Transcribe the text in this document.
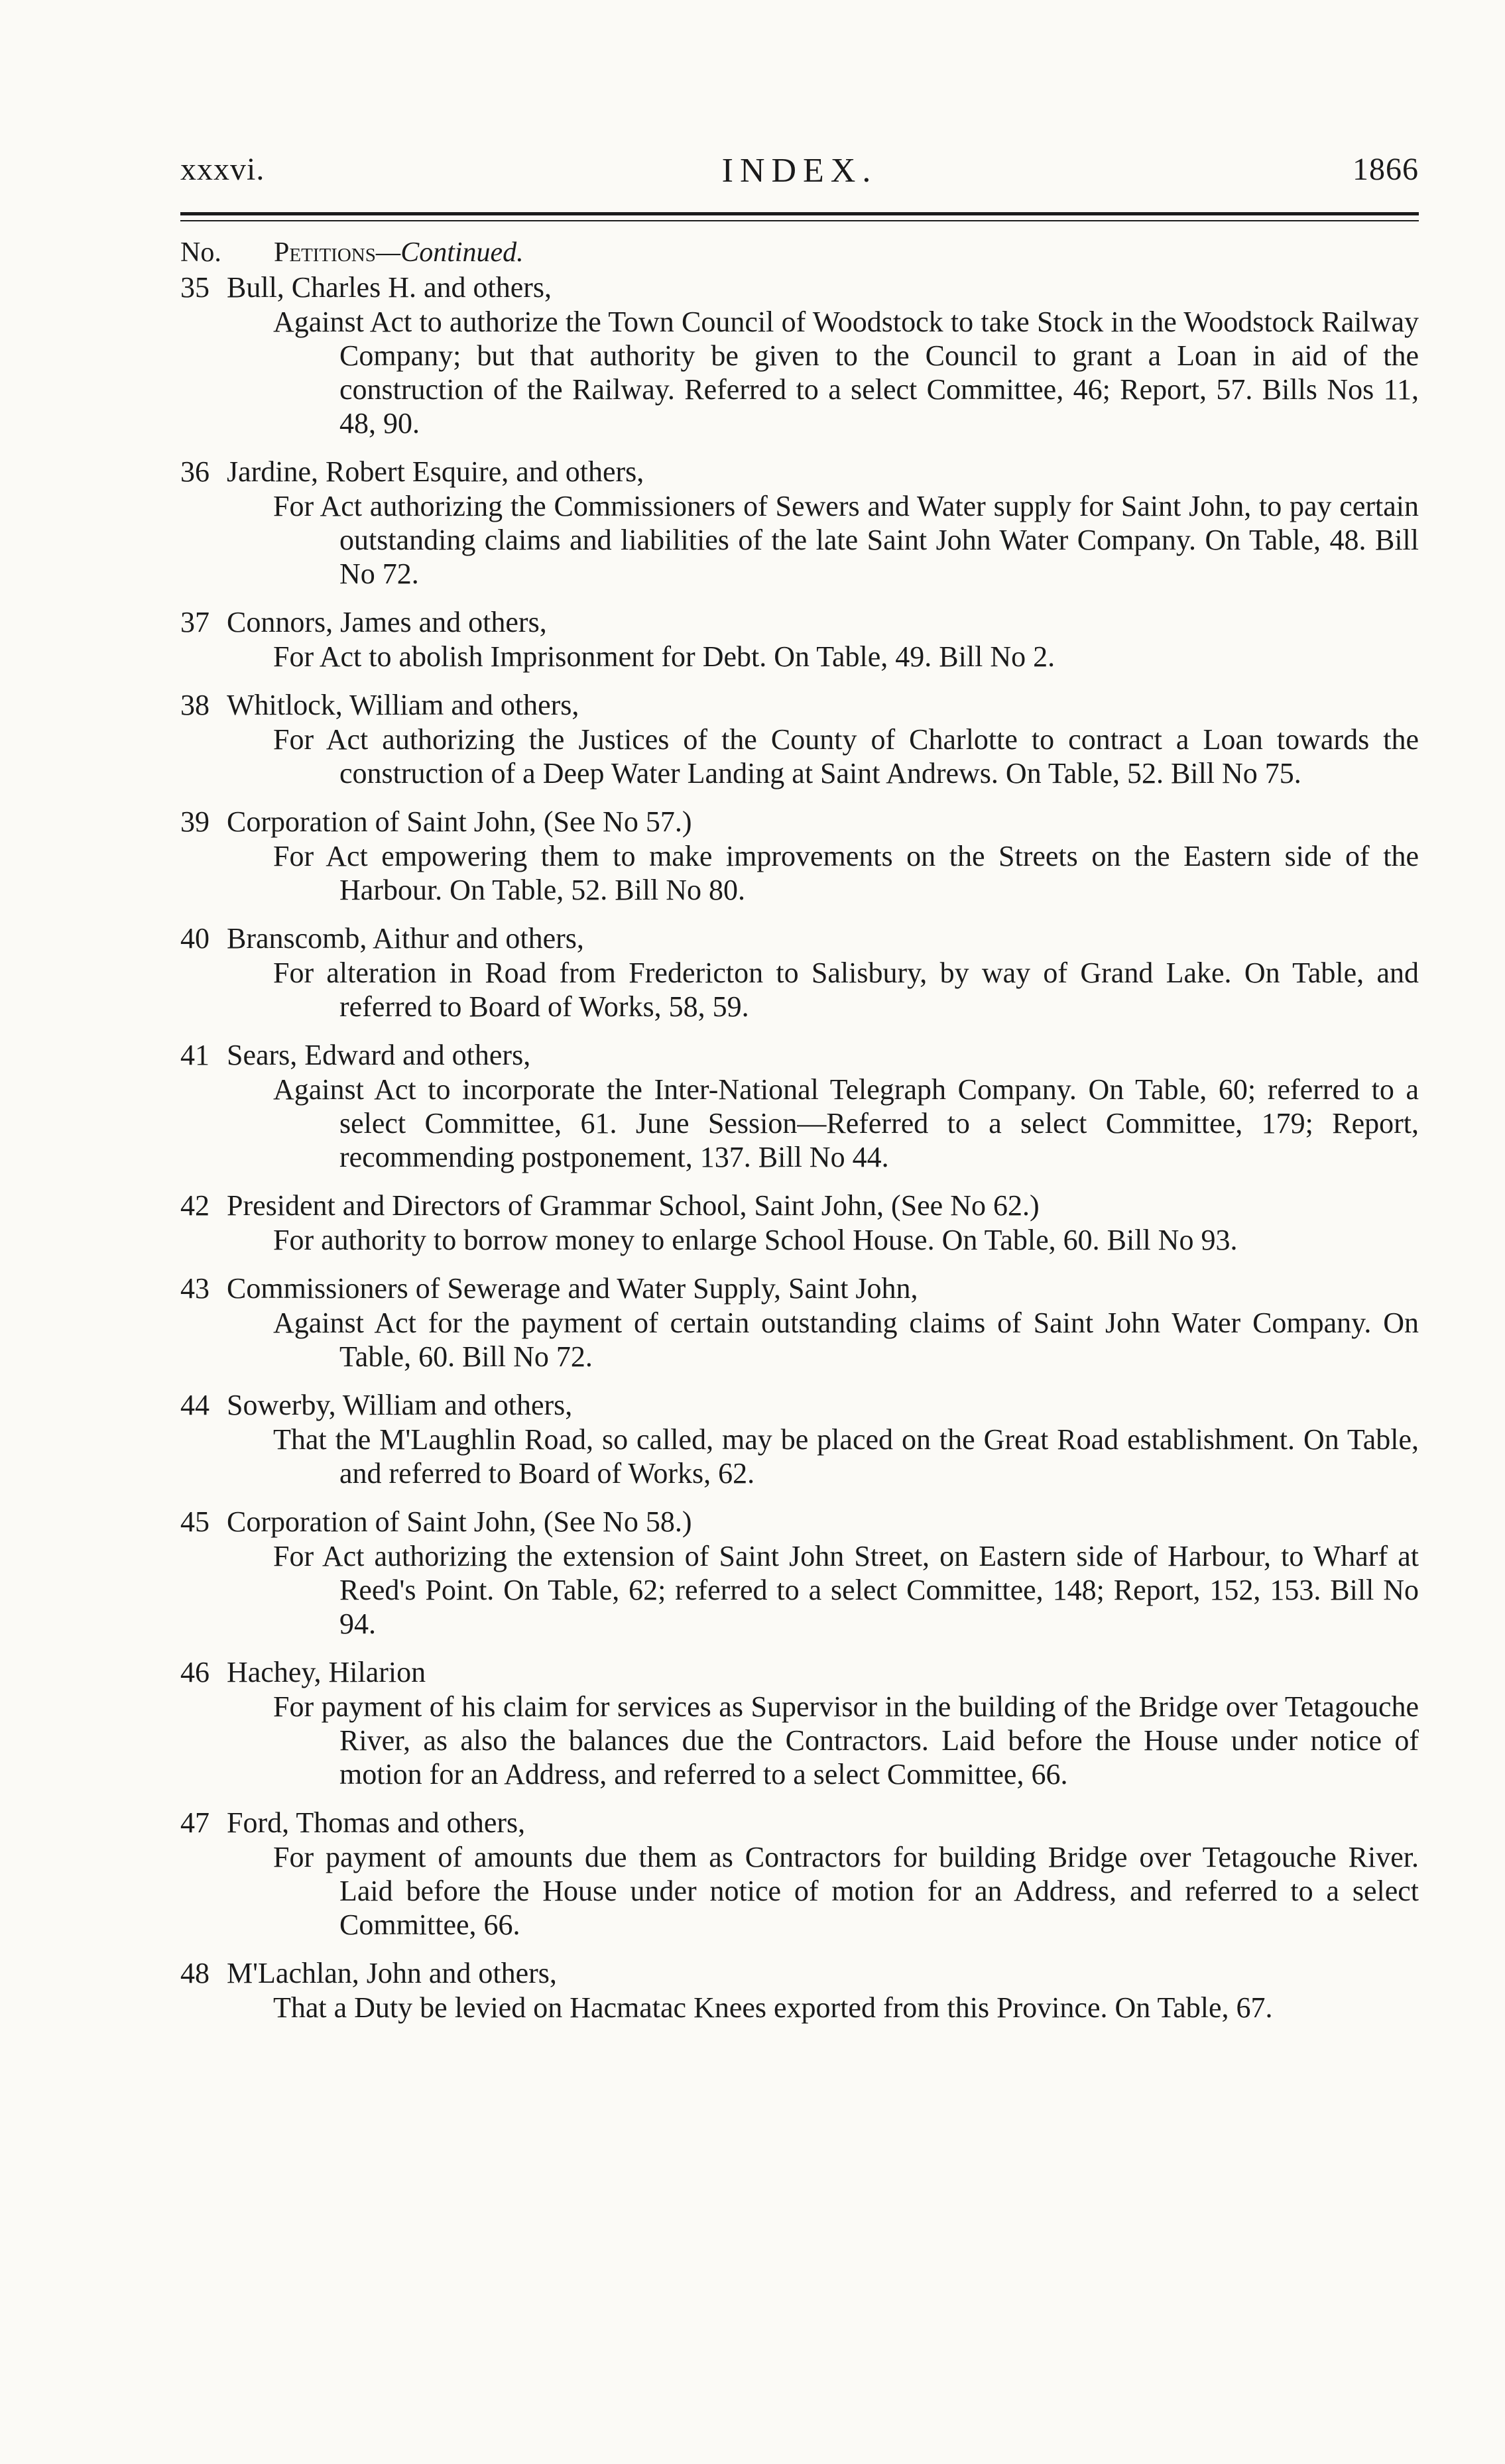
xxxvi.	INDEX.	1866
No. Petitions—Continued.
35 Bull, Charles H. and others,
Against Act to authorize the Town Council of Woodstock to take Stock in the Woodstock Railway Company; but that authority be given to the Council to grant a Loan in aid of the construction of the Railway. Referred to a select Committee, 46; Report, 57. Bills Nos 11, 48, 90.
36 Jardine, Robert Esquire, and others,
For Act authorizing the Commissioners of Sewers and Water supply for Saint John, to pay certain outstanding claims and liabilities of the late Saint John Water Company. On Table, 48. Bill No 72.
37 Connors, James and others,
For Act to abolish Imprisonment for Debt. On Table, 49. Bill No 2.
38 Whitlock, William and others,
For Act authorizing the Justices of the County of Charlotte to contract a Loan towards the construction of a Deep Water Landing at Saint Andrews. On Table, 52. Bill No 75.
39 Corporation of Saint John, (See No 57.)
For Act empowering them to make improvements on the Streets on the Eastern side of the Harbour. On Table, 52. Bill No 80.
40 Branscomb, Aithur and others,
For alteration in Road from Fredericton to Salisbury, by way of Grand Lake. On Table, and referred to Board of Works, 58, 59.
41 Sears, Edward and others,
Against Act to incorporate the Inter-National Telegraph Company. On Table, 60; referred to a select Committee, 61. June Session—Referred to a select Committee, 179; Report, recommending postponement, 137. Bill No 44.
42 President and Directors of Grammar School, Saint John, (See No 62.)
For authority to borrow money to enlarge School House. On Table, 60. Bill No 93.
43 Commissioners of Sewerage and Water Supply, Saint John,
Against Act for the payment of certain outstanding claims of Saint John Water Company. On Table, 60. Bill No 72.
44 Sowerby, William and others,
That the M'Laughlin Road, so called, may be placed on the Great Road establishment. On Table, and referred to Board of Works, 62.
45 Corporation of Saint John, (See No 58.)
For Act authorizing the extension of Saint John Street, on Eastern side of Harbour, to Wharf at Reed's Point. On Table, 62; referred to a select Committee, 148; Report, 152, 153. Bill No 94.
46 Hachey, Hilarion
For payment of his claim for services as Supervisor in the building of the Bridge over Tetagouche River, as also the balances due the Contractors. Laid before the House under notice of motion for an Address, and referred to a select Committee, 66.
47 Ford, Thomas and others,
For payment of amounts due them as Contractors for building Bridge over Tetagouche River. Laid before the House under notice of motion for an Address, and referred to a select Committee, 66.
48 M'Lachlan, John and others,
That a Duty be levied on Hacmatac Knees exported from this Province. On Table, 67.
